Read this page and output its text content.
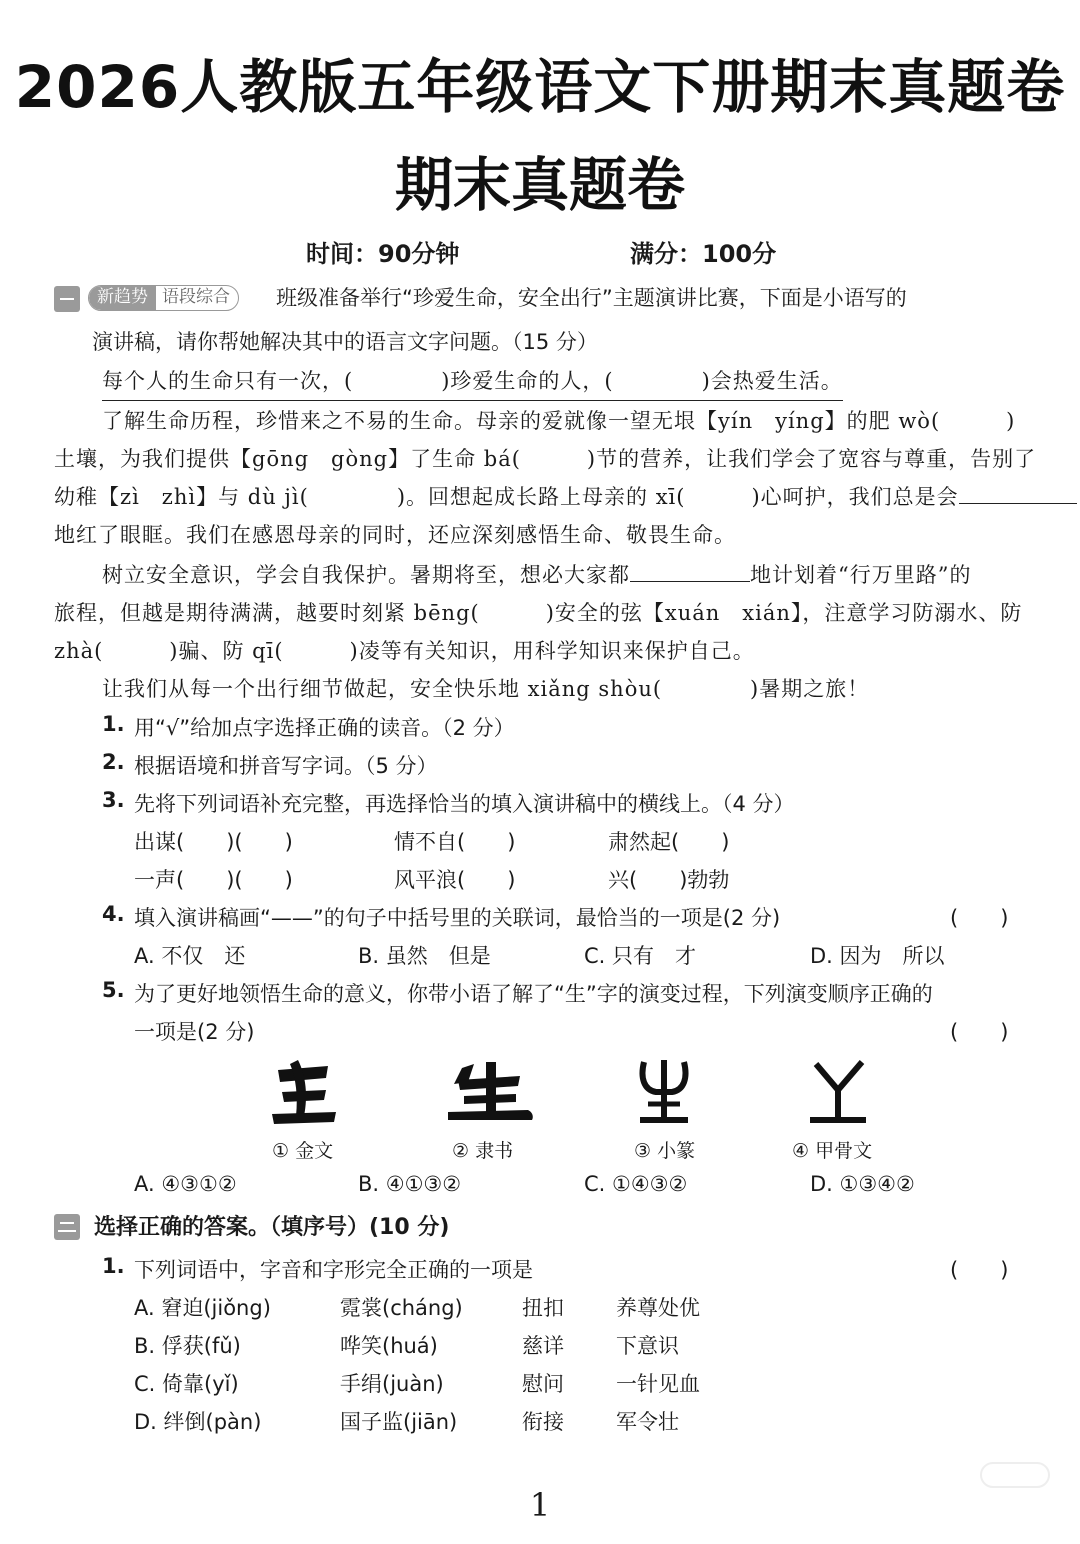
2026人教版五年级语文下册期末真题卷
期末真题卷
时间：90分钟	满分：100分
新趋势 语段综合	班级准备举行“珍爱生命，安全出行”主题演讲比赛，下面是小语写的
演讲稿，请你帮她解决其中的语言文字问题。（15 分）
每个人的生命只有一次，(　　　　)珍爱生命的人，(　　　　)会热爱生活。
了解生命历程，珍惜来之不易的生命。母亲的爱就像一望无垠【yín　yíng】的肥 wò(　　　)
土壤，为我们提供【gōng　gòng】了生命 bá(　　　)节的营养，让我们学会了宽容与尊重，告别了
幼稚【zì　zhì】与 dù jì(　　　　)。回想起成长路上母亲的 xī(　　　)心呵护，我们总是会
地红了眼眶。我们在感恩母亲的同时，还应深刻感悟生命、敬畏生命。
树立安全意识，学会自我保护。暑期将至，想必大家都	地计划着“行万里路”的
旅程，但越是期待满满，越要时刻紧 bēng(　　　)安全的弦【xuán　xián】，注意学习防溺水、防
zhà(　　　)骗、防 qī(　　　)凌等有关知识，用科学知识来保护自己。
让我们从每一个出行细节做起，安全快乐地 xiǎng shòu(　　　　)暑期之旅！
1. 用“√”给加点字选择正确的读音。（2 分）
2. 根据语境和拼音写字词。（5 分）
3. 先将下列词语补充完整，再选择恰当的填入演讲稿中的横线上。（4 分）
出谋(　　)(　　)	情不自(　　)	肃然起(　　)
一声(　　)(　　)	风平浪(　　)	兴(　　)勃勃
4. 填入演讲稿画“——”的句子中括号里的关联词，最恰当的一项是(2 分)	(　　)
A. 不仅　还	B. 虽然　但是	C. 只有　才	D. 因为　所以
5. 为了更好地领悟生命的意义，你带小语了解了“生”字的演变过程，下列演变顺序正确的
一项是(2 分)	(　　)
① 金文	② 隶书	③ 小篆	④ 甲骨文
A. ④③①②	B. ④①③②	C. ①④③②	D. ①③④②
选择正确的答案。（填序号）(10 分)
1. 下列词语中，字音和字形完全正确的一项是	(　　)
A. 窘迫(jiǒng)	霓裳(cháng)	扭扣 养尊处优
B. 俘获(fǔ)	哗笑(huá)	慈详 下意识
C. 倚靠(yǐ)	手绢(juàn)	慰问 一针见血
D. 绊倒(pàn)	国子监(jiān)	衔接 军令壮
1
